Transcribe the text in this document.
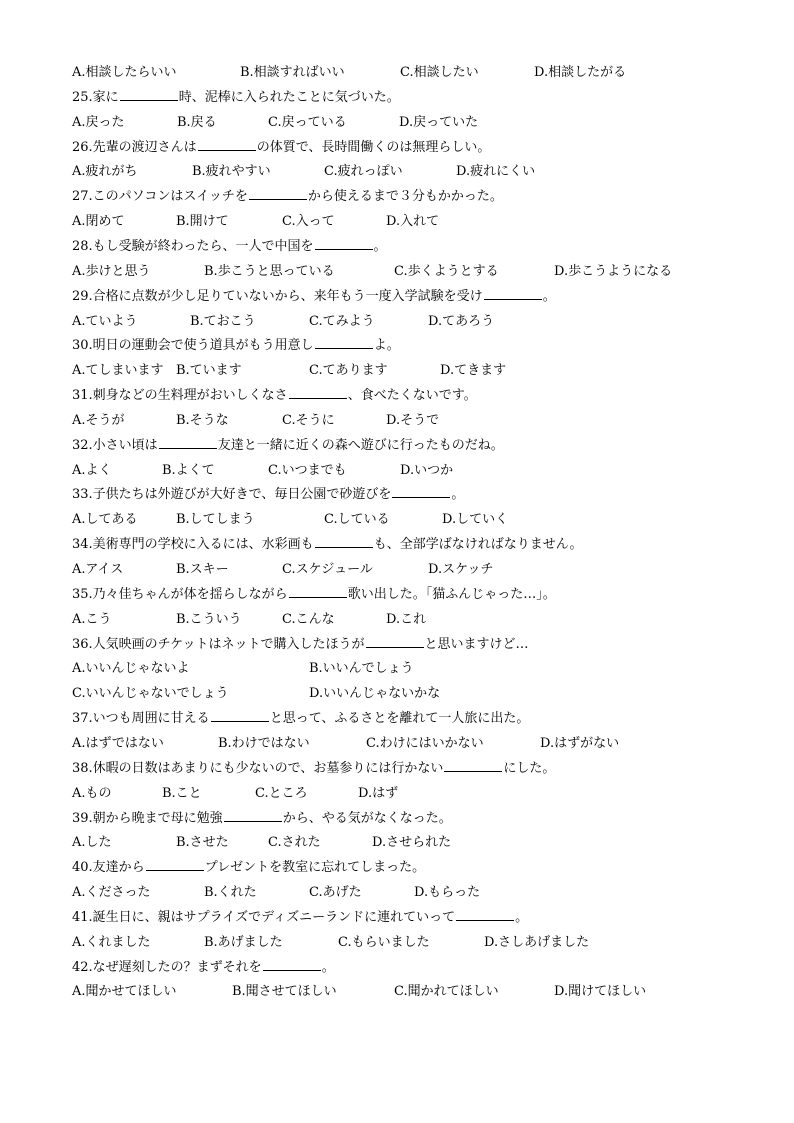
A.相談したらいい	B.相談すればいい	C.相談したい	D.相談したがる
25.家に	時、泥棒に入られたことに気づいた。
A.戻った	B.戻る	C.戻っている	D.戻っていた
26.先輩の渡辺さんは	の体質で、長時間働くのは無理らしい。
A.疲れがち	B.疲れやすい	C.疲れっぽい	D.疲れにくい
27.このパソコンはスイッチを	から使えるまで３分もかかった。
A.閉めて	B.開けて	C.入って	D.入れて
28.もし受験が終わったら、一人で中国を	。
A.歩けと思う	B.歩こうと思っている	C.歩くようとする	D.歩こうようになる
29.合格に点数が少し足りていないから、来年もう一度入学試験を受け	。
A.ていよう	B.ておこう	C.てみよう	D.てあろう
30.明日の運動会で使う道具がもう用意し	よ。
A.てしまいます B.ています	C.てあります	D.てきます
31.刺身などの生料理がおいしくなさ	、食べたくないです。
A.そうが	B.そうな	C.そうに	D.そうで
32.小さい頃は	友達と一緒に近くの森へ遊びに行ったものだね。
A.よく	B.よくて	C.いつまでも	D.いつか
33.子供たちは外遊びが大好きで、毎日公園で砂遊びを	。
A.してある	B.してしまう	C.している	D.していく
34.美術専門の学校に入るには、水彩画も	も、全部学ばなければなりません。
A.アイス	B.スキー	C.スケジュール	D.スケッチ
35.乃々佳ちゃんが体を揺らしながら	歌い出した。「猫ふんじゃった…」。
A.こう	B.こういう	C.こんな	D.これ
36.人気映画のチケットはネットで購入したほうが	と思いますけど…
A.いいんじゃないよ	B.いいんでしょう
C.いいんじゃないでしょう	D.いいんじゃないかな
37.いつも周囲に甘える	と思って、ふるさとを離れて一人旅に出た。
A.はずではない	B.わけではない	C.わけにはいかない	D.はずがない
38.休暇の日数はあまりにも少ないので、お墓参りには行かない	にした。
A.もの	B.こと	C.ところ	D.はず
39.朝から晩まで母に勉強	から、やる気がなくなった。
A.した	B.させた	C.された	D.させられた
40.友達から	プレゼントを教室に忘れてしまった。
A.くださった	B.くれた	C.あげた	D.もらった
41.誕生日に、親はサプライズでディズニーランドに連れていって	。
A.くれました	B.あげました	C.もらいました	D.さしあげました
42.なぜ遅刻したの？まずそれを	。
A.聞かせてほしい	B.聞させてほしい	C.聞かれてほしい	D.聞けてほしい
